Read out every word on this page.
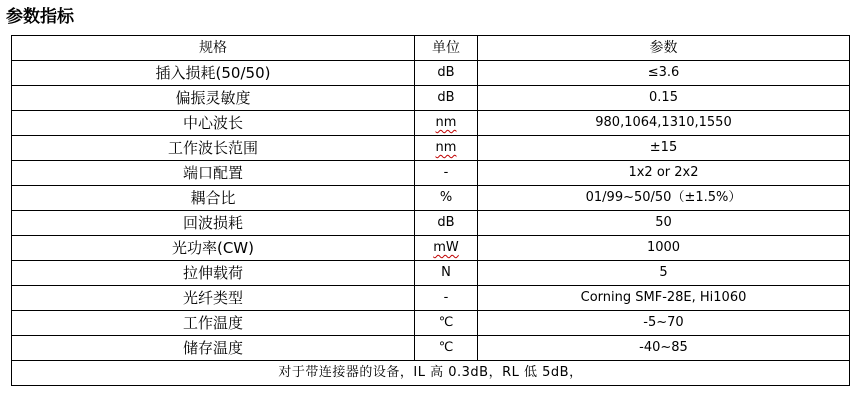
参数指标
规格	单位	参数
插入损耗(50/50)	dB	≤3.6
偏振灵敏度	dB	0.15
中心波长	nm	980,1064,1310,1550
工作波长范围	nm	±15
端口配置	-	1x2 or 2x2
耦合比	%	01/99~50/50（±1.5%）
回波损耗	dB	50
光功率(CW)	mW	1000
拉伸载荷	N	5
光纤类型	-	Corning SMF-28E, Hi1060
工作温度	℃	-5~70
储存温度	℃	-40~85
对于带连接器的设备，IL 高 0.3dB，RL 低 5dB，		
